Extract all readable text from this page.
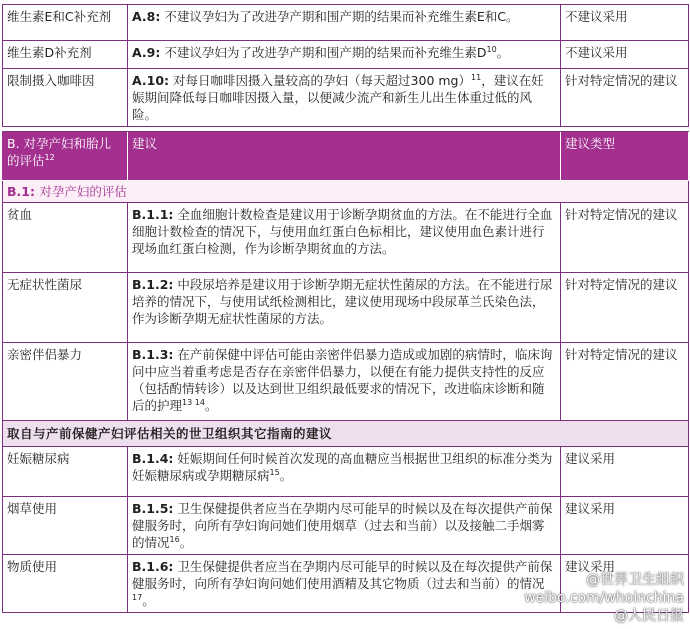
维生素E和C补充剂	A.8: 不建议孕妇为了改进孕产期和围产期的结果而补充维生素E和C。	不建议采用
维生素D补充剂	A.9: 不建议孕妇为了改进孕产期和围产期的结果而补充维生素$D^{10}$。	不建议采用
限制摄入咖啡因	A.10: 对每日咖啡因摄入量较高的孕妇（每天超过300 mg）$^{11}$，建议在妊娠期间降低每日咖啡因摄入量，以便减少流产和新生儿出生体重过低的风险。	针对特定情况的建议

B. 对孕产妇和胎儿的评估$^{12}$	建议	建议类型
B.1: 对孕产妇的评估		
贫血	B.1.1: 全血细胞计数检查是建议用于诊断孕期贫血的方法。在不能进行全血细胞计数检查的情况下，与使用血红蛋白色标相比，建议使用血色素计进行现场血红蛋白检测，作为诊断孕期贫血的方法。	针对特定情况的建议
无症状性菌尿	B.1.2: 中段尿培养是建议用于诊断孕期无症状性菌尿的方法。在不能进行尿培养的情况下，与使用试纸检测相比，建议使用现场中段尿革兰氏染色法，作为诊断孕期无症状性菌尿的方法。	针对特定情况的建议
亲密伴侣暴力	B.1.3: 在产前保健中评估可能由亲密伴侣暴力造成或加剧的病情时，临床询问中应当着重考虑是否存在亲密伴侣暴力，以便在有能力提供支持性的反应（包括酌情转诊）以及达到世卫组织最低要求的情况下，改进临床诊断和随后的护理$^{13 14}$。	针对特定情况的建议
取自与产前保健产妇评估相关的世卫组织其它指南的建议		
妊娠糖尿病	B.1.4: 妊娠期间任何时候首次发现的高血糖应当根据世卫组织的标准分类为妊娠糖尿病或孕期糖尿病$^{15}$。	建议采用
烟草使用	B.1.5: 卫生保健提供者应当在孕期内尽可能早的时候以及在每次提供产前保健服务时，向所有孕妇询问她们使用烟草（过去和当前）以及接触二手烟雾的情况$^{16}$。	建议采用
物质使用	B.1.6: 卫生保健提供者应当在孕期内尽可能早的时候以及在每次提供产前保健服务时，向所有孕妇询问她们使用酒精及其它物质（过去和当前）的情况$^{17}$。	建议采用
@世界卫生组织
weibo.com/whoinchina
@人民日报
